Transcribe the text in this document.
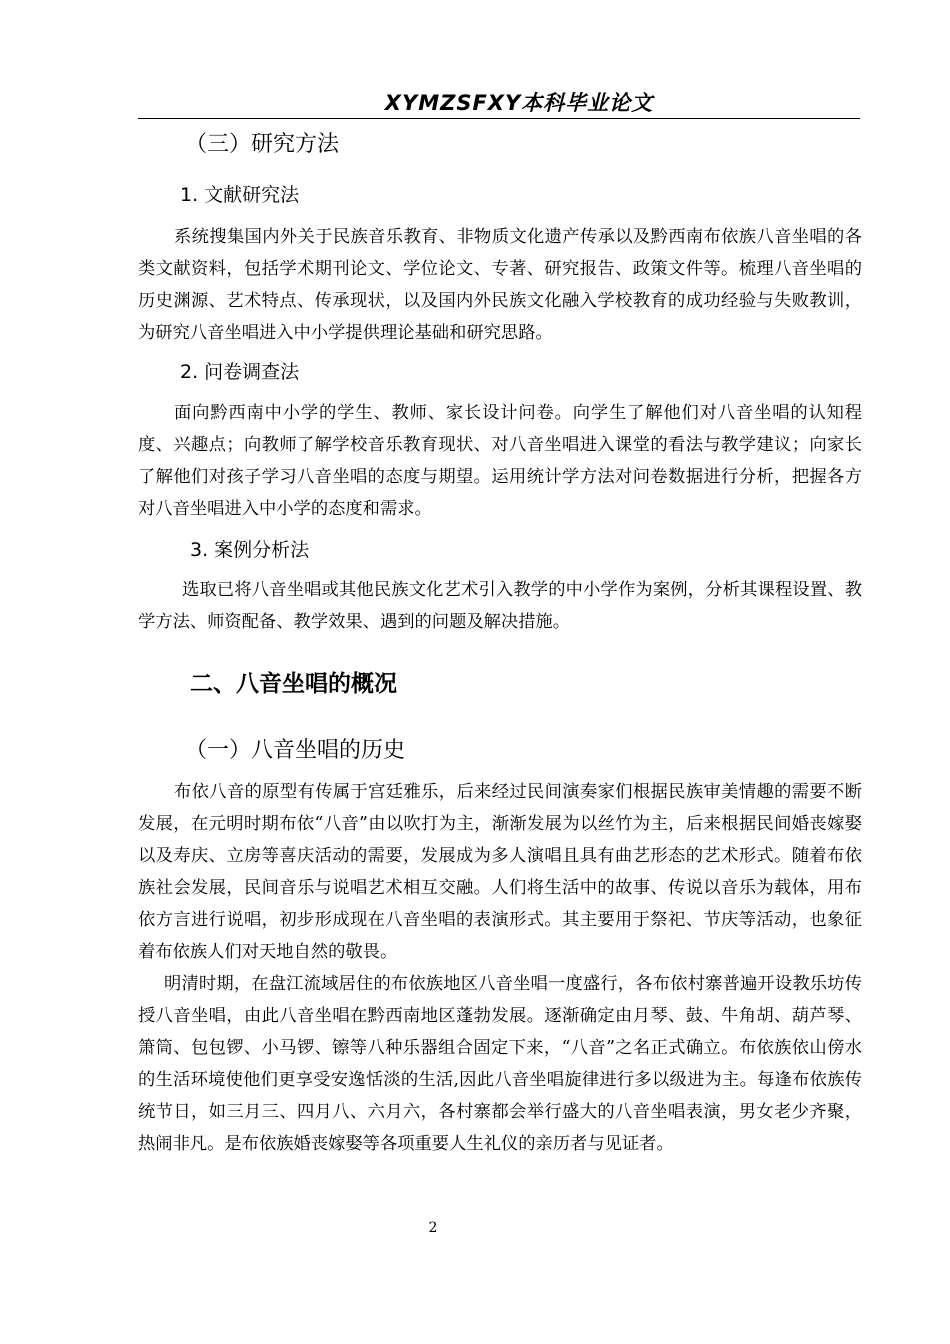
XYMZSFXY本科毕业论文
（三）研究方法
1. 文献研究法
系统搜集国内外关于民族音乐教育、非物质文化遗产传承以及黔西南布依族八音坐唱的各类文献资料，包括学术期刊论文、学位论文、专著、研究报告、政策文件等。梳理八音坐唱的历史渊源、艺术特点、传承现状，以及国内外民族文化融入学校教育的成功经验与失败教训，为研究八音坐唱进入中小学提供理论基础和研究思路。
2. 问卷调查法
面向黔西南中小学的学生、教师、家长设计问卷。向学生了解他们对八音坐唱的认知程度、兴趣点；向教师了解学校音乐教育现状、对八音坐唱进入课堂的看法与教学建议；向家长了解他们对孩子学习八音坐唱的态度与期望。运用统计学方法对问卷数据进行分析，把握各方对八音坐唱进入中小学的态度和需求。
3. 案例分析法
选取已将八音坐唱或其他民族文化艺术引入教学的中小学作为案例，分析其课程设置、教学方法、师资配备、教学效果、遇到的问题及解决措施。
二、八音坐唱的概况
（一）八音坐唱的历史
布依八音的原型有传属于宫廷雅乐，后来经过民间演奏家们根据民族审美情趣的需要不断发展，在元明时期布依“八音”由以吹打为主，渐渐发展为以丝竹为主，后来根据民间婚丧嫁娶以及寿庆、立房等喜庆活动的需要，发展成为多人演唱且具有曲艺形态的艺术形式。随着布依族社会发展，民间音乐与说唱艺术相互交融。人们将生活中的故事、传说以音乐为载体，用布依方言进行说唱，初步形成现在八音坐唱的表演形式。其主要用于祭祀、节庆等活动，也象征着布依族人们对天地自然的敬畏。
明清时期，在盘江流域居住的布依族地区八音坐唱一度盛行，各布依村寨普遍开设教乐坊传授八音坐唱，由此八音坐唱在黔西南地区蓬勃发展。逐渐确定由月琴、鼓、牛角胡、葫芦琴、箫筒、包包锣、小马锣、镲等八种乐器组合固定下来，“八音”之名正式确立。布依族依山傍水的生活环境使他们更享受安逸恬淡的生活,因此八音坐唱旋律进行多以级进为主。每逢布依族传统节日，如三月三、四月八、六月六，各村寨都会举行盛大的八音坐唱表演，男女老少齐聚，热闹非凡。是布依族婚丧嫁娶等各项重要人生礼仪的亲历者与见证者。
2
